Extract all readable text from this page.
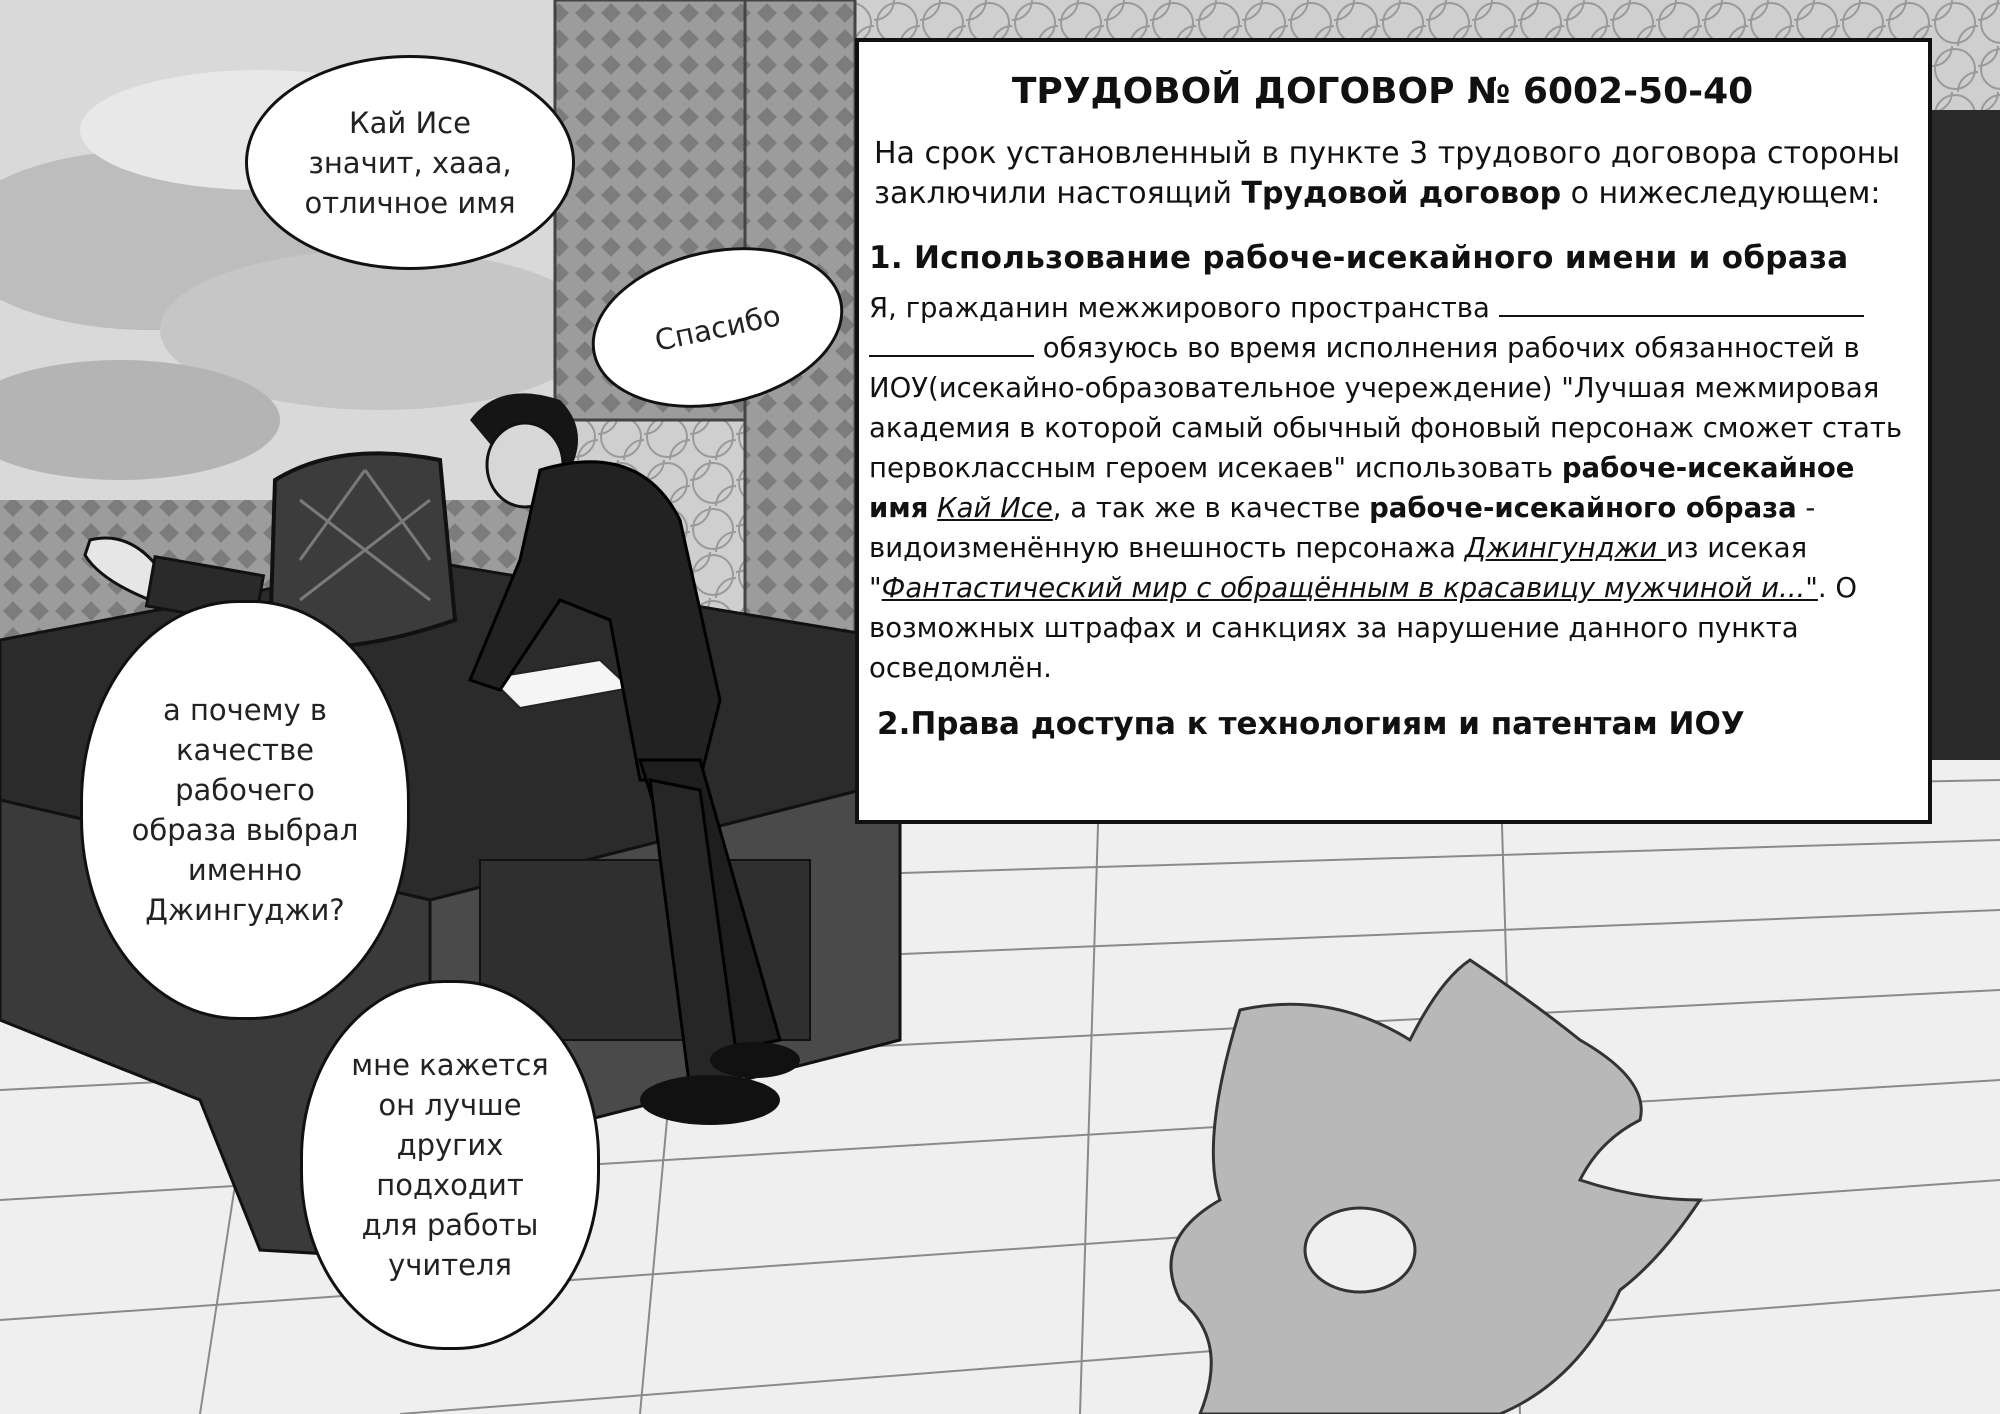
Кай Исе
значит, хааа,
отличное имя
Спасибо
а почему в
качестве
рабочего
образа выбрал
именно
Джингуджи?
мне кажется
он лучше
других
подходит
для работы
учителя
ТРУДОВОЙ ДОГОВОР № 6002-50-40
На срок установленный в пункте 3 трудового договора стороны заключили настоящий Трудовой договор о нижеследующем:
1. Использование рабоче-исекайного имени и образа
Я, гражданин межжирового пространства
обязуюсь во время исполнения рабочих обязанностей в ИОУ(исекайно-образовательное учереждение) "Лучшая межмировая академия в которой самый обычный фоновый персонаж сможет стать первоклассным героем исекаев" использовать рабоче-исекайное имя Кай Исе, а так же в качестве рабоче-исекайного образа - видоизменённую внешность персонажа Джингунджи из исекая "Фантастический мир с обращённым в красавицу мужчиной и...". О возможных штрафах и санкциях за нарушение данного пункта осведомлён.
2.Права доступа к технологиям и патентам ИОУ
